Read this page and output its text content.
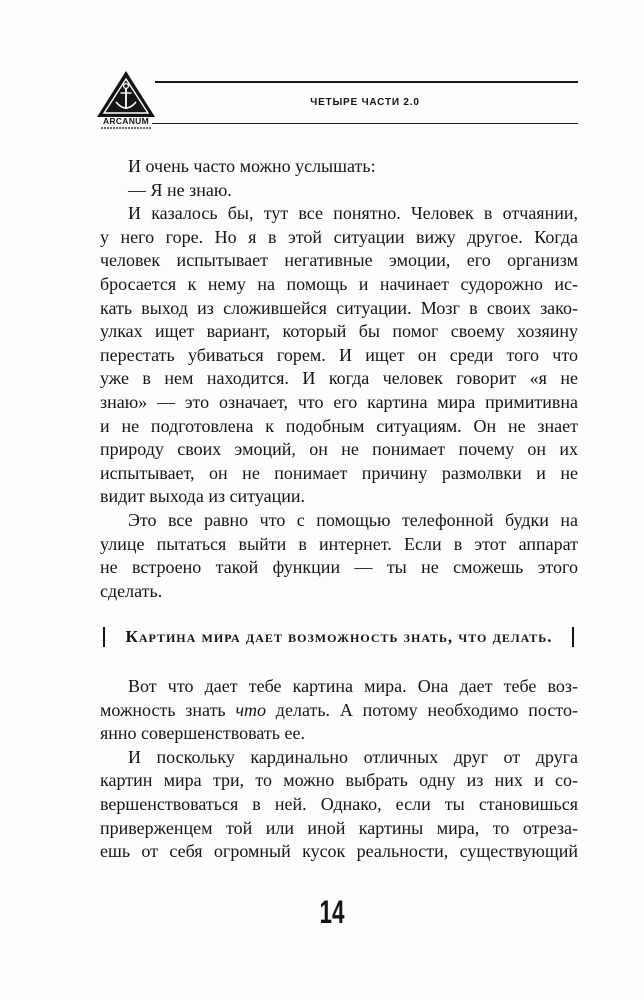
ARCANUM
ЧЕТЫРЕ ЧАСТИ 2.0
И очень часто можно услышать:
— Я не знаю.
И казалось бы, тут все понятно. Человек в отчаянии,
у него горе. Но я в этой ситуации вижу другое. Когда
человек испытывает негативные эмоции, его организм
бросается к нему на помощь и начинает судорожно ис-
кать выход из сложившейся ситуации. Мозг в своих зако-
улках ищет вариант, который бы помог своему хозяину
перестать убиваться горем. И ищет он среди того что
уже в нем находится. И когда человек говорит «я не
знаю» — это означает, что его картина мира примитивна
и не подготовлена к подобным ситуациям. Он не знает
природу своих эмоций, он не понимает почему он их
испытывает, он не понимает причину размолвки и не
видит выхода из ситуации.
Это все равно что с помощью телефонной будки на
улице пытаться выйти в интернет. Если в этот аппарат
не встроено такой функции — ты не сможешь этого
сделать.
Картина мира дает возможность знать, что делать.
Вот что дает тебе картина мира. Она дает тебе воз-
можность знать что делать. А потому необходимо посто-
янно совершенствовать ее.
И поскольку кардинально отличных друг от друга
картин мира три, то можно выбрать одну из них и со-
вершенствоваться в ней. Однако, если ты становишься
приверженцем той или иной картины мира, то отреза-
ешь от себя огромный кусок реальности, существующий
14
